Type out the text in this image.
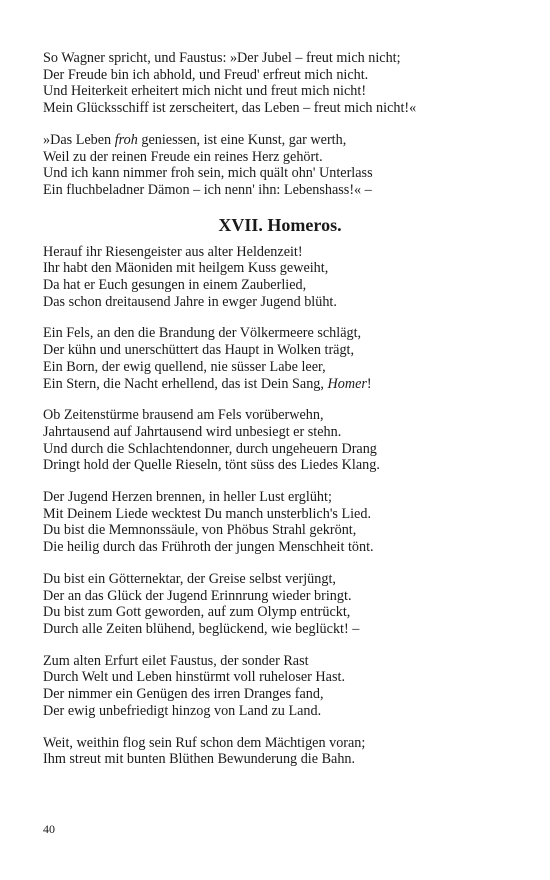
So Wagner spricht, und Faustus: »Der Jubel – freut mich nicht;
Der Freude bin ich abhold, und Freud' erfreut mich nicht.
Und Heiterkeit erheitert mich nicht und freut mich nicht!
Mein Glücksschiff ist zerscheitert, das Leben – freut mich nicht!«
»Das Leben froh geniessen, ist eine Kunst, gar werth,
Weil zu der reinen Freude ein reines Herz gehört.
Und ich kann nimmer froh sein, mich quält ohn' Unterlass
Ein fluchbeladner Dämon – ich nenn' ihn: Lebenshass!« –
XVII. Homeros.
Herauf ihr Riesengeister aus alter Heldenzeit!
Ihr habt den Mäoniden mit heilgem Kuss geweiht,
Da hat er Euch gesungen in einem Zauberlied,
Das schon dreitausend Jahre in ewger Jugend blüht.
Ein Fels, an den die Brandung der Völkermeere schlägt,
Der kühn und unerschüttert das Haupt in Wolken trägt,
Ein Born, der ewig quellend, nie süsser Labe leer,
Ein Stern, die Nacht erhellend, das ist Dein Sang, Homer!
Ob Zeitenstürme brausend am Fels vorüberwehn,
Jahrtausend auf Jahrtausend wird unbesiegt er stehn.
Und durch die Schlachtendonner, durch ungeheuern Drang
Dringt hold der Quelle Rieseln, tönt süss des Liedes Klang.
Der Jugend Herzen brennen, in heller Lust erglüht;
Mit Deinem Liede wecktest Du manch unsterblich's Lied.
Du bist die Memnonssäule, von Phöbus Strahl gekrönt,
Die heilig durch das Frühroth der jungen Menschheit tönt.
Du bist ein Götternektar, der Greise selbst verjüngt,
Der an das Glück der Jugend Erinnrung wieder bringt.
Du bist zum Gott geworden, auf zum Olymp entrückt,
Durch alle Zeiten blühend, beglückend, wie beglückt! –
Zum alten Erfurt eilet Faustus, der sonder Rast
Durch Welt und Leben hinstürmt voll ruheloser Hast.
Der nimmer ein Genügen des irren Dranges fand,
Der ewig unbefriedigt hinzog von Land zu Land.
Weit, weithin flog sein Ruf schon dem Mächtigen voran;
Ihm streut mit bunten Blüthen Bewunderung die Bahn.
40
